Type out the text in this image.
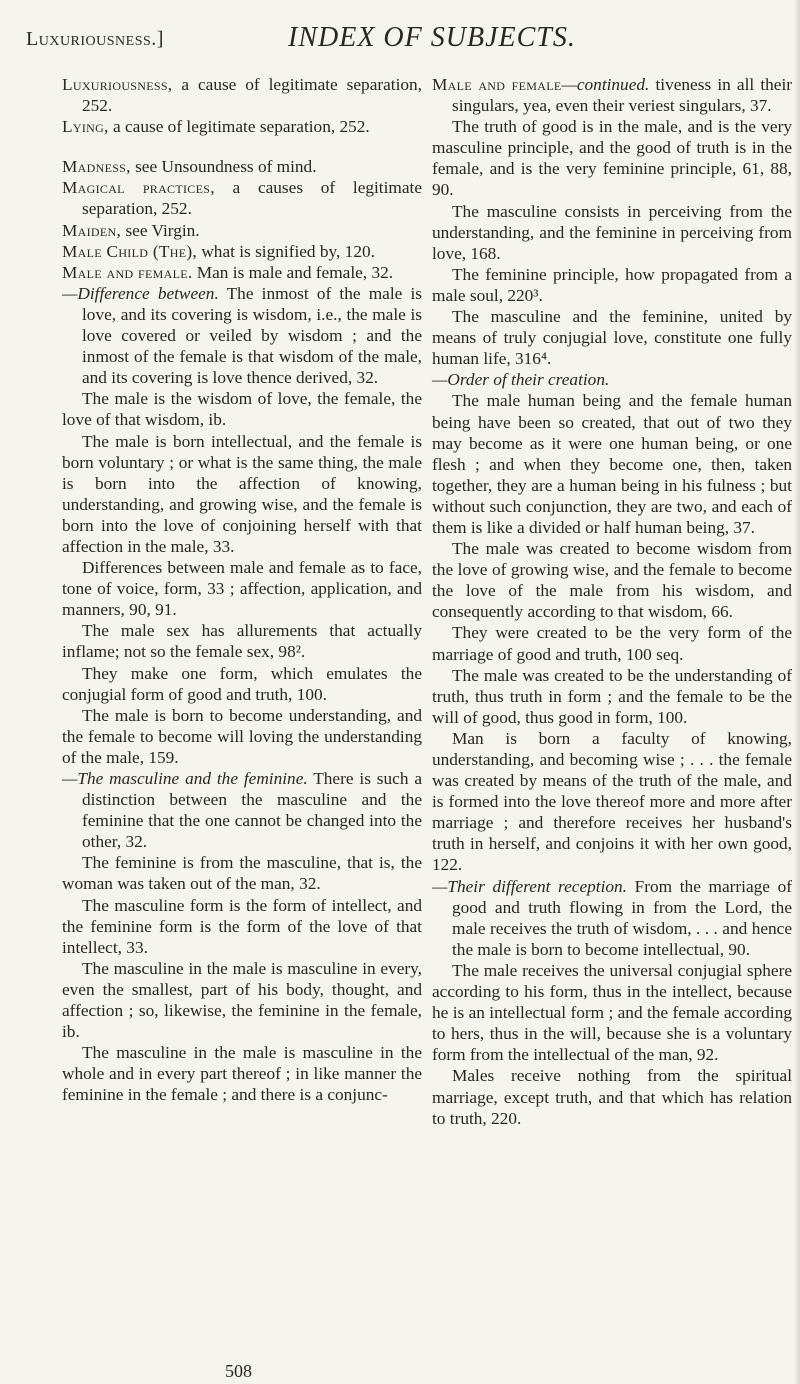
Luxuriousness.]	INDEX OF SUBJECTS.

Luxuriousness, a cause of legitimate separation, 252.

Lying, a cause of legitimate separation, 252.

Madness, see Unsoundness of mind.

Magical practices, a causes of legitimate separation, 252.

Maiden, see Virgin.

Male Child (The), what is signified by, 120.

Male and female. Man is male and female, 32.

—Difference between. The inmost of the male is love, and its covering is wisdom, i.e., the male is love covered or veiled by wisdom ; and the inmost of the female is that wisdom of the male, and its covering is love thence derived, 32.

The male is the wisdom of love, the female, the love of that wisdom, ib.

The male is born intellectual, and the female is born voluntary ; or what is the same thing, the male is born into the affection of knowing, understanding, and growing wise, and the female is born into the love of conjoining herself with that affection in the male, 33.

Differences between male and female as to face, tone of voice, form, 33 ; affection, application, and manners, 90, 91.

The male sex has allurements that actually inflame; not so the female sex, 98².

They make one form, which emulates the conjugial form of good and truth, 100.

The male is born to become understanding, and the female to become will loving the understanding of the male, 159.

—The masculine and the feminine. There is such a distinction between the masculine and the feminine that the one cannot be changed into the other, 32.

The feminine is from the masculine, that is, the woman was taken out of the man, 32.

The masculine form is the form of intellect, and the feminine form is the form of the love of that intellect, 33.

The masculine in the male is masculine in every, even the smallest, part of his body, thought, and affection ; so, likewise, the feminine in the female, ib.

The masculine in the male is masculine in the whole and in every part thereof ; in like manner the feminine in the female ; and there is a conjunc-

Male and female—continued. tiveness in all their singulars, yea, even their veriest singulars, 37.

The truth of good is in the male, and is the very masculine principle, and the good of truth is in the female, and is the very feminine principle, 61, 88, 90.

The masculine consists in perceiving from the understanding, and the feminine in perceiving from love, 168.

The feminine principle, how propagated from a male soul, 220³.

The masculine and the feminine, united by means of truly conjugial love, constitute one fully human life, 316⁴.

—Order of their creation.

The male human being and the female human being have been so created, that out of two they may become as it were one human being, or one flesh ; and when they become one, then, taken together, they are a human being in his fulness ; but without such conjunction, they are two, and each of them is like a divided or half human being, 37.

The male was created to become wisdom from the love of growing wise, and the female to become the love of the male from his wisdom, and consequently according to that wisdom, 66.

They were created to be the very form of the marriage of good and truth, 100 seq.

The male was created to be the understanding of truth, thus truth in form ; and the female to be the will of good, thus good in form, 100.

Man is born a faculty of knowing, understanding, and becoming wise ; . . . the female was created by means of the truth of the male, and is formed into the love thereof more and more after marriage ; and therefore receives her husband's truth in herself, and conjoins it with her own good, 122.

—Their different reception. From the marriage of good and truth flowing in from the Lord, the male receives the truth of wisdom, . . . and hence the male is born to become intellectual, 90.

The male receives the universal conjugial sphere according to his form, thus in the intellect, because he is an intellectual form ; and the female according to hers, thus in the will, because she is a voluntary form from the intellectual of the man, 92.

Males receive nothing from the spiritual marriage, except truth, and that which has relation to truth, 220.

508
